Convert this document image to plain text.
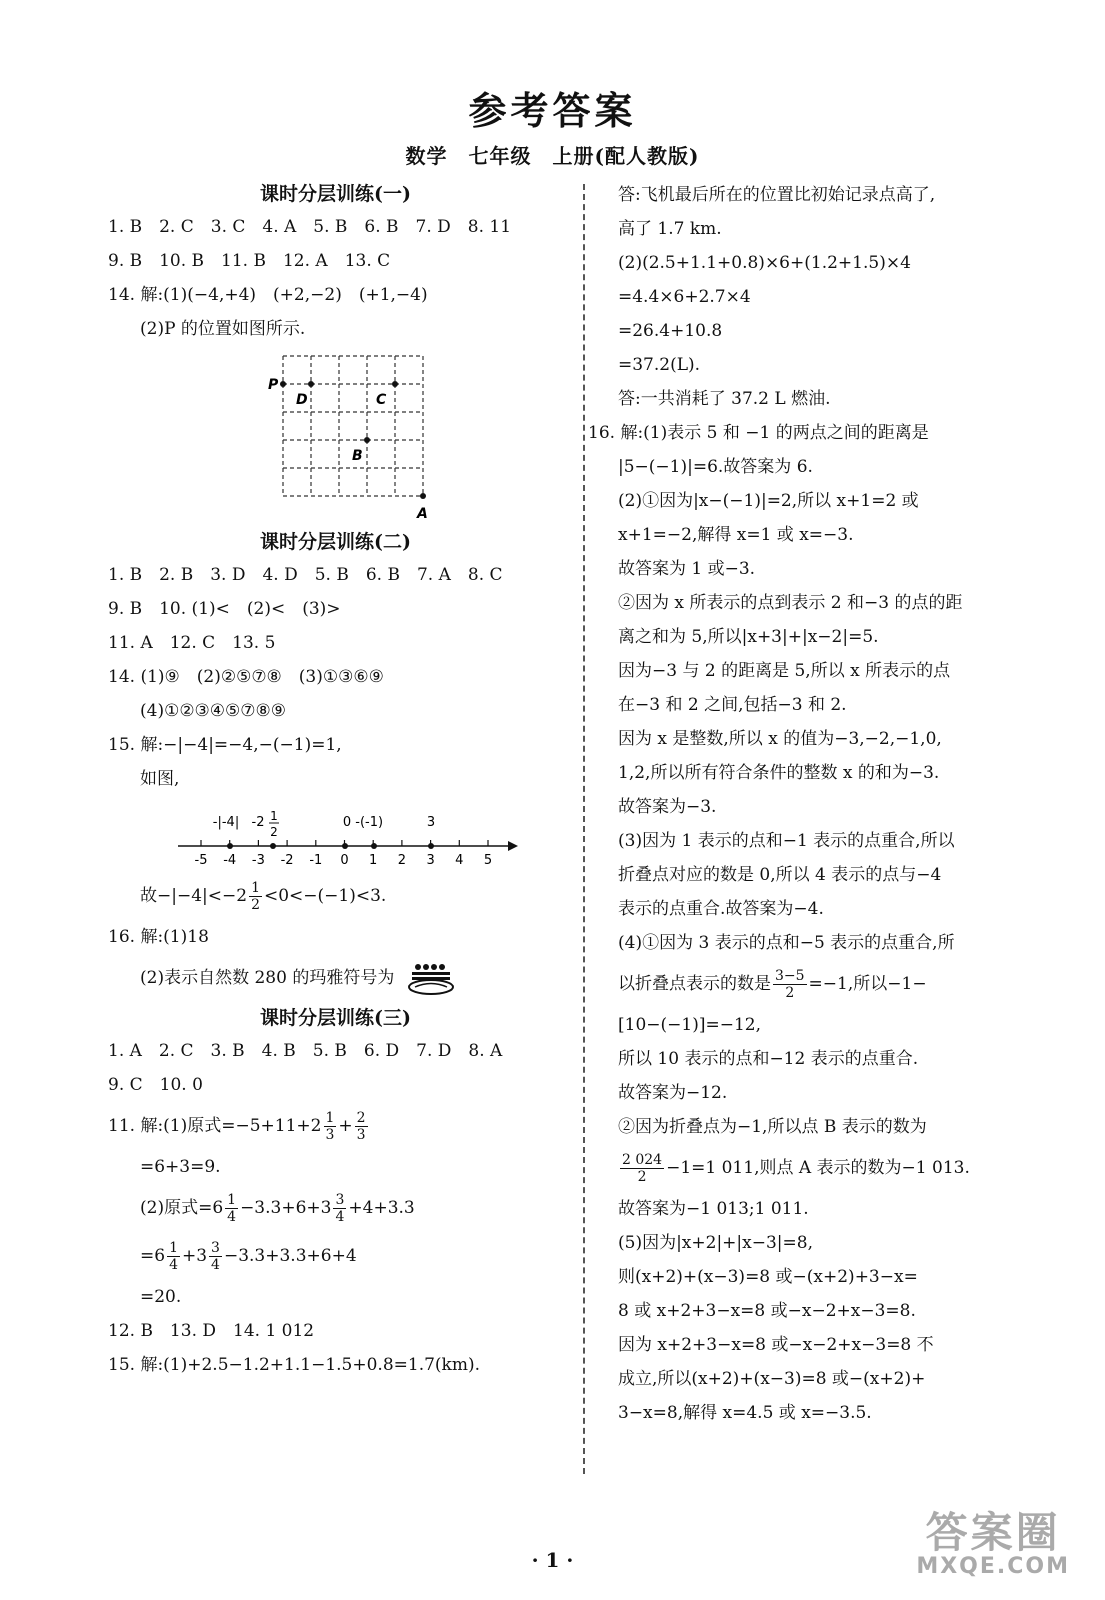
参考答案
数学　七年级　上册(配人教版)
课时分层训练(一)
1. B　2. C　3. C　4. A　5. B　6. B　7. D　8. 11
9. B　10. B　11. B　12. A　13. C
14. 解:(1)(−4,+4)　(+2,−2)　(+1,−4)
(2)P 的位置如图所示.
P
D	C
B
A
课时分层训练(二)
1. B　2. B　3. D　4. D　5. B　6. B　7. A　8. C
9. B　10. (1)<　(2)<　(3)>
11. A　12. C　13. 5
14. (1)⑨　(2)②⑤⑦⑧　(3)①③⑥⑨
(4)①②③④⑤⑦⑧⑨
15. 解:−|−4|=−4,−(−1)=1,
如图,
-5 -4 -3 -2 -1 0 1 2 3 4 5
-|-4| -2 1
2
0 -(-1)	3
故$-|-4|<-2 \frac{1}{2} <0<-(-1)<3$.
16. 解:(1)18
(2)表示自然数 280 的玛雅符号为
课时分层训练(三)
1. A　2. C　3. B　4. B　5. B　6. D　7. D　8. A
9. C　10. 0
11. 解:(1)原式$=-5+11+2 \frac{1}{3} + \frac{2}{3}$
=6+3=9.
(2)原式$=6 \frac{1}{4} -3.3+6+3 \frac{3}{4} +4+3.3$
$=6 \frac{1}{4} +3 \frac{3}{4} -3.3+3.3+6+4$
=20.
12. B　13. D　14. 1 012
15. 解:(1)+2.5−1.2+1.1−1.5+0.8=1.7(km).
答:飞机最后所在的位置比初始记录点高了,
高了 1.7 km.
(2)(2.5+1.1+0.8)×6+(1.2+1.5)×4
=4.4×6+2.7×4
=26.4+10.8
=37.2(L).
答:一共消耗了 37.2 L 燃油.
16. 解:(1)表示 5 和 −1 的两点之间的距离是
|5−(−1)|=6.故答案为 6.
(2)①因为|x−(−1)|=2,所以 x+1=2 或
x+1=−2,解得 x=1 或 x=−3.
故答案为 1 或−3.
②因为 x 所表示的点到表示 2 和−3 的点的距
离之和为 5,所以|x+3|+|x−2|=5.
因为−3 与 2 的距离是 5,所以 x 所表示的点
在−3 和 2 之间,包括−3 和 2.
因为 x 是整数,所以 x 的值为−3,−2,−1,0,
1,2,所以所有符合条件的整数 x 的和为−3.
故答案为−3.
(3)因为 1 表示的点和−1 表示的点重合,所以
折叠点对应的数是 0,所以 4 表示的点与−4
表示的点重合.故答案为−4.
(4)①因为 3 表示的点和−5 表示的点重合,所
以折叠点表示的数是 $\frac{3-5}{2} =-1$,所以−1−
[10−(−1)]=−12,
所以 10 表示的点和−12 表示的点重合.
故答案为−12.
②因为折叠点为−1,所以点 B 表示的数为
$\frac{2 024}{2} -1=1$ 011,则点 A 表示的数为−1 013.
故答案为−1 013;1 011.
(5)因为|x+2|+|x−3|=8,
则(x+2)+(x−3)=8 或−(x+2)+3−x=
8 或 x+2+3−x=8 或−x−2+x−3=8.
因为 x+2+3−x=8 或−x−2+x−3=8 不
成立,所以(x+2)+(x−3)=8 或−(x+2)+
3−x=8,解得 x=4.5 或 x=−3.5.
· 1 ·
答案圈
MXQE.COM
